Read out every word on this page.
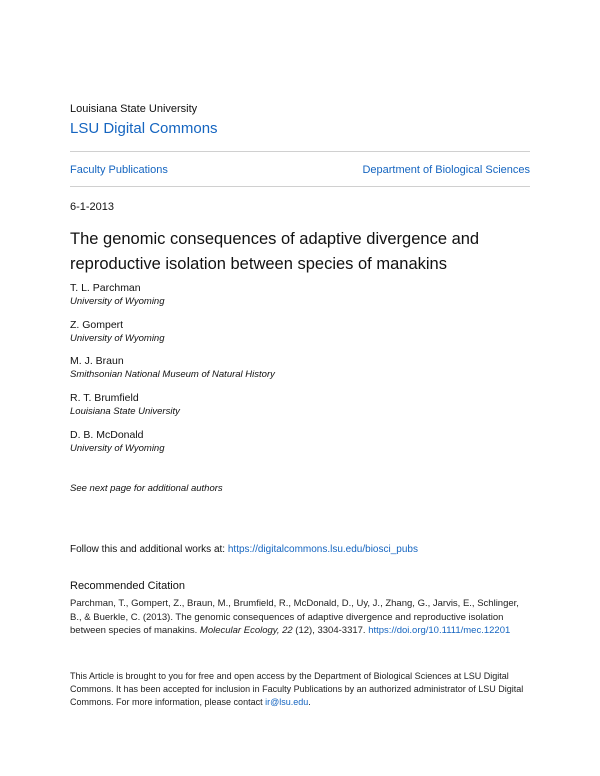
Louisiana State University
LSU Digital Commons
Faculty Publications	Department of Biological Sciences
6-1-2013
The genomic consequences of adaptive divergence and reproductive isolation between species of manakins
T. L. Parchman
University of Wyoming
Z. Gompert
University of Wyoming
M. J. Braun
Smithsonian National Museum of Natural History
R. T. Brumfield
Louisiana State University
D. B. McDonald
University of Wyoming
See next page for additional authors
Follow this and additional works at: https://digitalcommons.lsu.edu/biosci_pubs
Recommended Citation
Parchman, T., Gompert, Z., Braun, M., Brumfield, R., McDonald, D., Uy, J., Zhang, G., Jarvis, E., Schlinger, B., & Buerkle, C. (2013). The genomic consequences of adaptive divergence and reproductive isolation between species of manakins. Molecular Ecology, 22 (12), 3304-3317. https://doi.org/10.1111/mec.12201
This Article is brought to you for free and open access by the Department of Biological Sciences at LSU Digital Commons. It has been accepted for inclusion in Faculty Publications by an authorized administrator of LSU Digital Commons. For more information, please contact ir@lsu.edu.
